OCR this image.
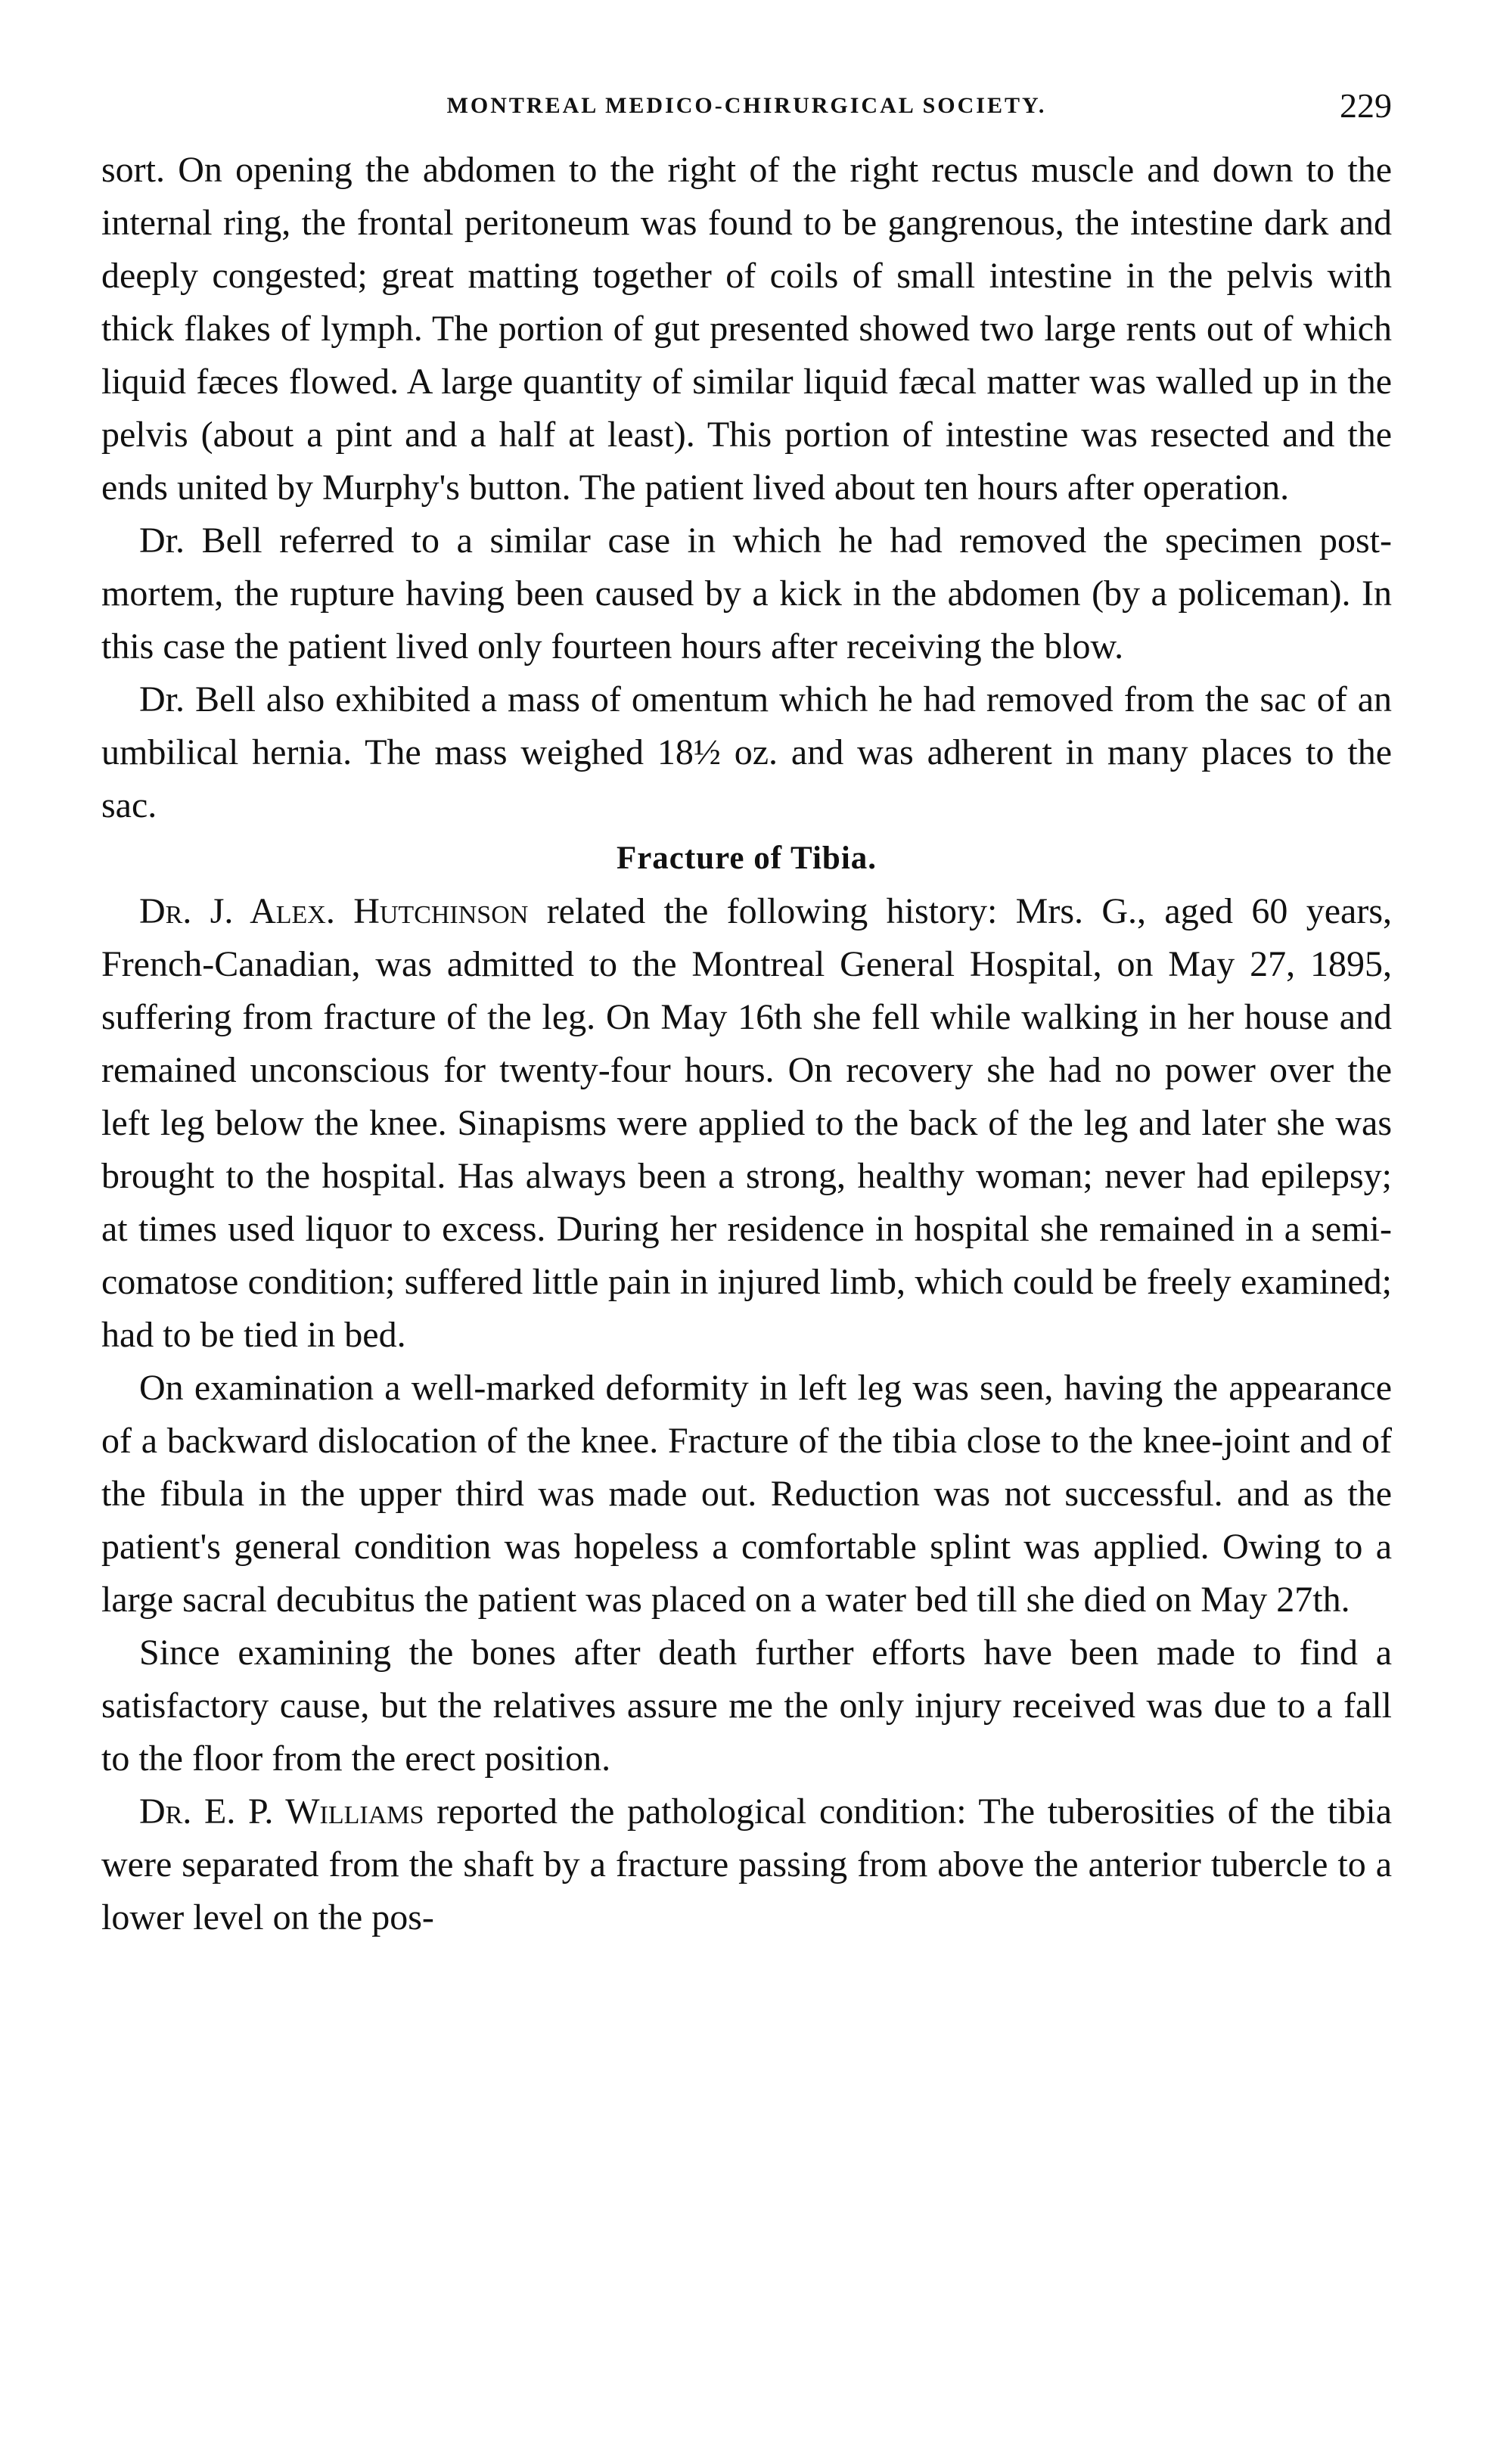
MONTREAL MEDICO-CHIRURGICAL SOCIETY.	229

sort. On opening the abdomen to the right of the right rectus muscle and down to the internal ring, the frontal peritoneum was found to be gangrenous, the intestine dark and deeply congested; great matting together of coils of small intestine in the pelvis with thick flakes of lymph. The portion of gut presented showed two large rents out of which liquid fæces flowed. A large quantity of similar liquid fæcal matter was walled up in the pelvis (about a pint and a half at least). This portion of intestine was resected and the ends united by Murphy's button. The patient lived about ten hours after operation.

Dr. Bell referred to a similar case in which he had removed the specimen post-mortem, the rupture having been caused by a kick in the abdomen (by a policeman). In this case the patient lived only fourteen hours after receiving the blow.

Dr. Bell also exhibited a mass of omentum which he had removed from the sac of an umbilical hernia. The mass weighed 18½ oz. and was adherent in many places to the sac.

Fracture of Tibia.

Dr. J. Alex. Hutchinson related the following history: Mrs. G., aged 60 years, French-Canadian, was admitted to the Montreal General Hospital, on May 27, 1895, suffering from fracture of the leg. On May 16th she fell while walking in her house and remained unconscious for twenty-four hours. On recovery she had no power over the left leg below the knee. Sinapisms were applied to the back of the leg and later she was brought to the hospital. Has always been a strong, healthy woman; never had epilepsy; at times used liquor to excess. During her residence in hospital she remained in a semi-comatose condition; suffered little pain in injured limb, which could be freely examined; had to be tied in bed.

On examination a well-marked deformity in left leg was seen, having the appearance of a backward dislocation of the knee. Fracture of the tibia close to the knee-joint and of the fibula in the upper third was made out. Reduction was not successful. and as the patient's general condition was hopeless a comfortable splint was applied. Owing to a large sacral decubitus the patient was placed on a water bed till she died on May 27th.

Since examining the bones after death further efforts have been made to find a satisfactory cause, but the relatives assure me the only injury received was due to a fall to the floor from the erect position.

Dr. E. P. Williams reported the pathological condition: The tuberosities of the tibia were separated from the shaft by a fracture passing from above the anterior tubercle to a lower level on the pos-
